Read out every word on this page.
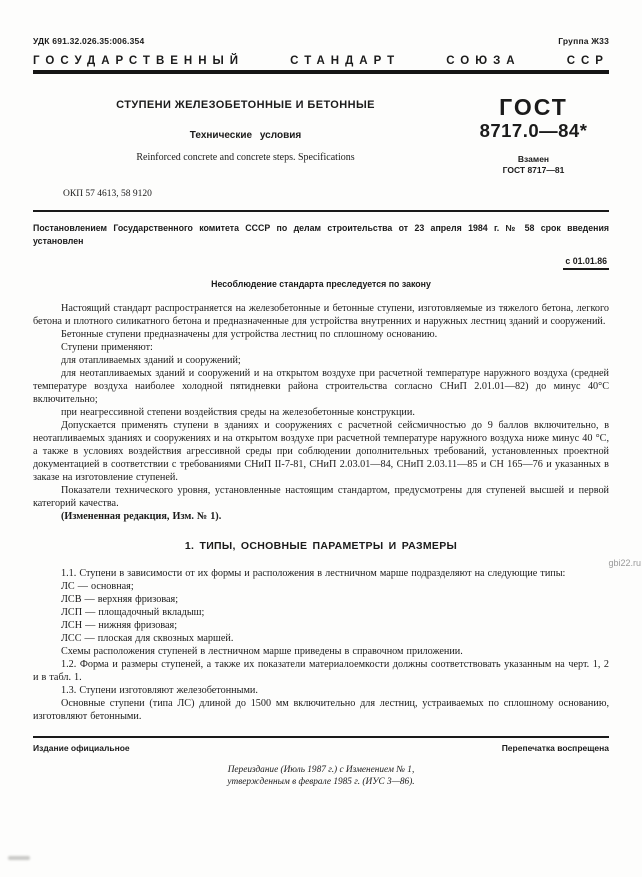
УДК 691.32.026.35:006.354	Группа Ж33
ГОСУДАРСТВЕННЫЙ	СТАНДАРТ	СОЮЗА	ССР
СТУПЕНИ ЖЕЛЕЗОБЕТОННЫЕ И БЕТОННЫЕ
Технические условия
Reinforced concrete and concrete steps. Specifications
ГОСТ
8717.0—84*
Взамен
ГОСТ 8717—81
ОКП 57 4613, 58 9120

Постановлением Государственного комитета СССР по делам строительства от 23 апреля 1984 г. № 58 срок введения установлен

с 01.01.86
Несоблюдение стандарта преследуется по закону

Настоящий стандарт распространяется на железобетонные и бетонные ступени, изготовляемые из тяжелого бетона, легкого бетона и плотного силикатного бетона и предназначенные для устройства внутренних и наружных лестниц зданий и сооружений.

Бетонные ступени предназначены для устройства лестниц по сплошному основанию.

Ступени применяют:

для отапливаемых зданий и сооружений;

для неотапливаемых зданий и сооружений и на открытом воздухе при расчетной температуре наружного воздуха (средней температуре воздуха наиболее холодной пятидневки района строительства согласно СНиП 2.01.01—82) до минус 40°С включительно;

при неагрессивной степени воздействия среды на железобетонные конструкции.

Допускается применять ступени в зданиях и сооружениях с расчетной сейсмичностью до 9 баллов включительно, в неотапливаемых зданиях и сооружениях и на открытом воздухе при расчетной температуре наружного воздуха ниже минус 40 °С, а также в условиях воздействия агрессивной среды при соблюдении дополнительных требований, установленных проектной документацией в соответствии с требованиями СНиП II-7-81, СНиП 2.03.01—84, СНиП 2.03.11—85 и СН 165—76 и указанных в заказе на изготовление ступеней.

Показатели технического уровня, установленные настоящим стандартом, предусмотрены для ступеней высшей и первой категорий качества.

(Измененная редакция, Изм. № 1).

1. ТИПЫ, ОСНОВНЫЕ ПАРАМЕТРЫ И РАЗМЕРЫ

1.1. Ступени в зависимости от их формы и расположения в лестничном марше подразделяют на следующие типы:

ЛС — основная;

ЛСВ — верхняя фризовая;

ЛСП — площадочный вкладыш;

ЛСН — нижняя фризовая;

ЛСС — плоская для сквозных маршей.

Схемы расположения ступеней в лестничном марше приведены в справочном приложении.

1.2. Форма и размеры ступеней, а также их показатели материалоемкости должны соответствовать указанным на черт. 1, 2 и в табл. 1.

1.3. Ступени изготовляют железобетонными.

Основные ступени (типа ЛС) длиной до 1500 мм включительно для лестниц, устраиваемых по сплошному основанию, изготовляют бетонными.

Издание официальное	Перепечатка воспрещена
Переиздание (Июль 1987 г.) с Изменением № 1,
утвержденным в феврале 1985 г. (ИУС 3—86).
gbi22.ru
